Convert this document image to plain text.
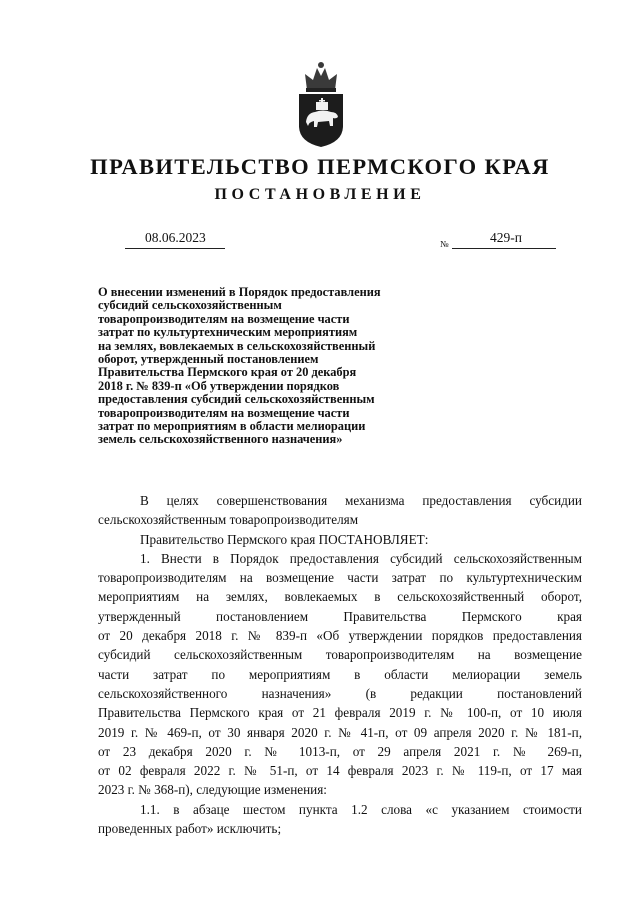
ПРАВИТЕЛЬСТВО ПЕРМСКОГО КРАЯ
ПОСТАНОВЛЕНИЕ
08.06.2023	№	429-п
О внесении изменений в Порядок предоставления
субсидий сельскохозяйственным
товаропроизводителям на возмещение части
затрат по культуртехническим мероприятиям
на землях, вовлекаемых в сельскохозяйственный
оборот, утвержденный постановлением
Правительства Пермского края от 20 декабря
2018 г. № 839-п «Об утверждении порядков
предоставления субсидий сельскохозяйственным
товаропроизводителям на возмещение части
затрат по мероприятиям в области мелиорации
земель сельскохозяйственного назначения»
В целях совершенствования механизма предоставления субсидии
сельскохозяйственным товаропроизводителям
Правительство Пермского края ПОСТАНОВЛЯЕТ:
1. Внести в Порядок предоставления субсидий сельскохозяйственным
товаропроизводителям на возмещение части затрат по культуртехническим
мероприятиям на землях, вовлекаемых в сельскохозяйственный оборот,
утвержденный постановлением Правительства Пермского края
от 20 декабря 2018 г. № 839-п «Об утверждении порядков предоставления
субсидий сельскохозяйственным товаропроизводителям на возмещение
части затрат по мероприятиям в области мелиорации земель
сельскохозяйственного назначения» (в редакции постановлений
Правительства Пермского края от 21 февраля 2019 г. № 100-п, от 10 июля
2019 г. № 469-п, от 30 января 2020 г. № 41-п, от 09 апреля 2020 г. № 181-п,
от 23 декабря 2020 г. № 1013-п, от 29 апреля 2021 г. № 269-п,
от 02 февраля 2022 г. № 51-п, от 14 февраля 2023 г. № 119-п, от 17 мая
2023 г. № 368-п), следующие изменения:
1.1. в абзаце шестом пункта 1.2 слова «с указанием стоимости
проведенных работ» исключить;
